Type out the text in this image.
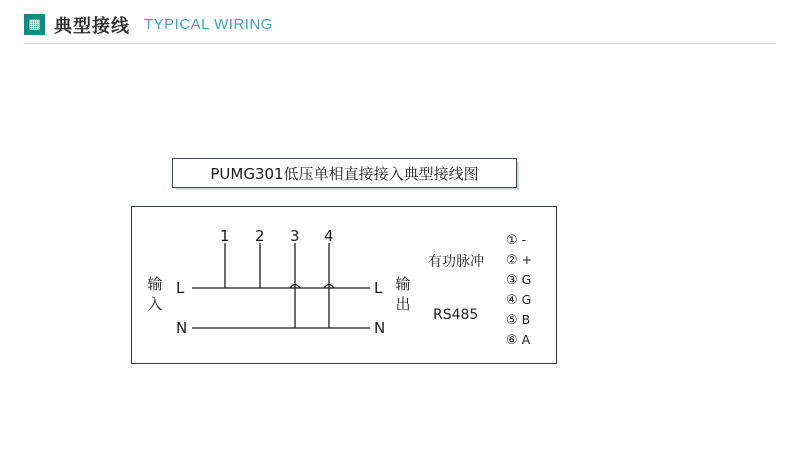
▦ 典型接线 TYPICAL WIRING
PUMG301低压单相直接接入典型接线图
1 2 3 4
输
入
L
N
L
N
输
出
有功脉冲
RS485
① -
② +
③ G
④ G
⑤ B
⑥ A
